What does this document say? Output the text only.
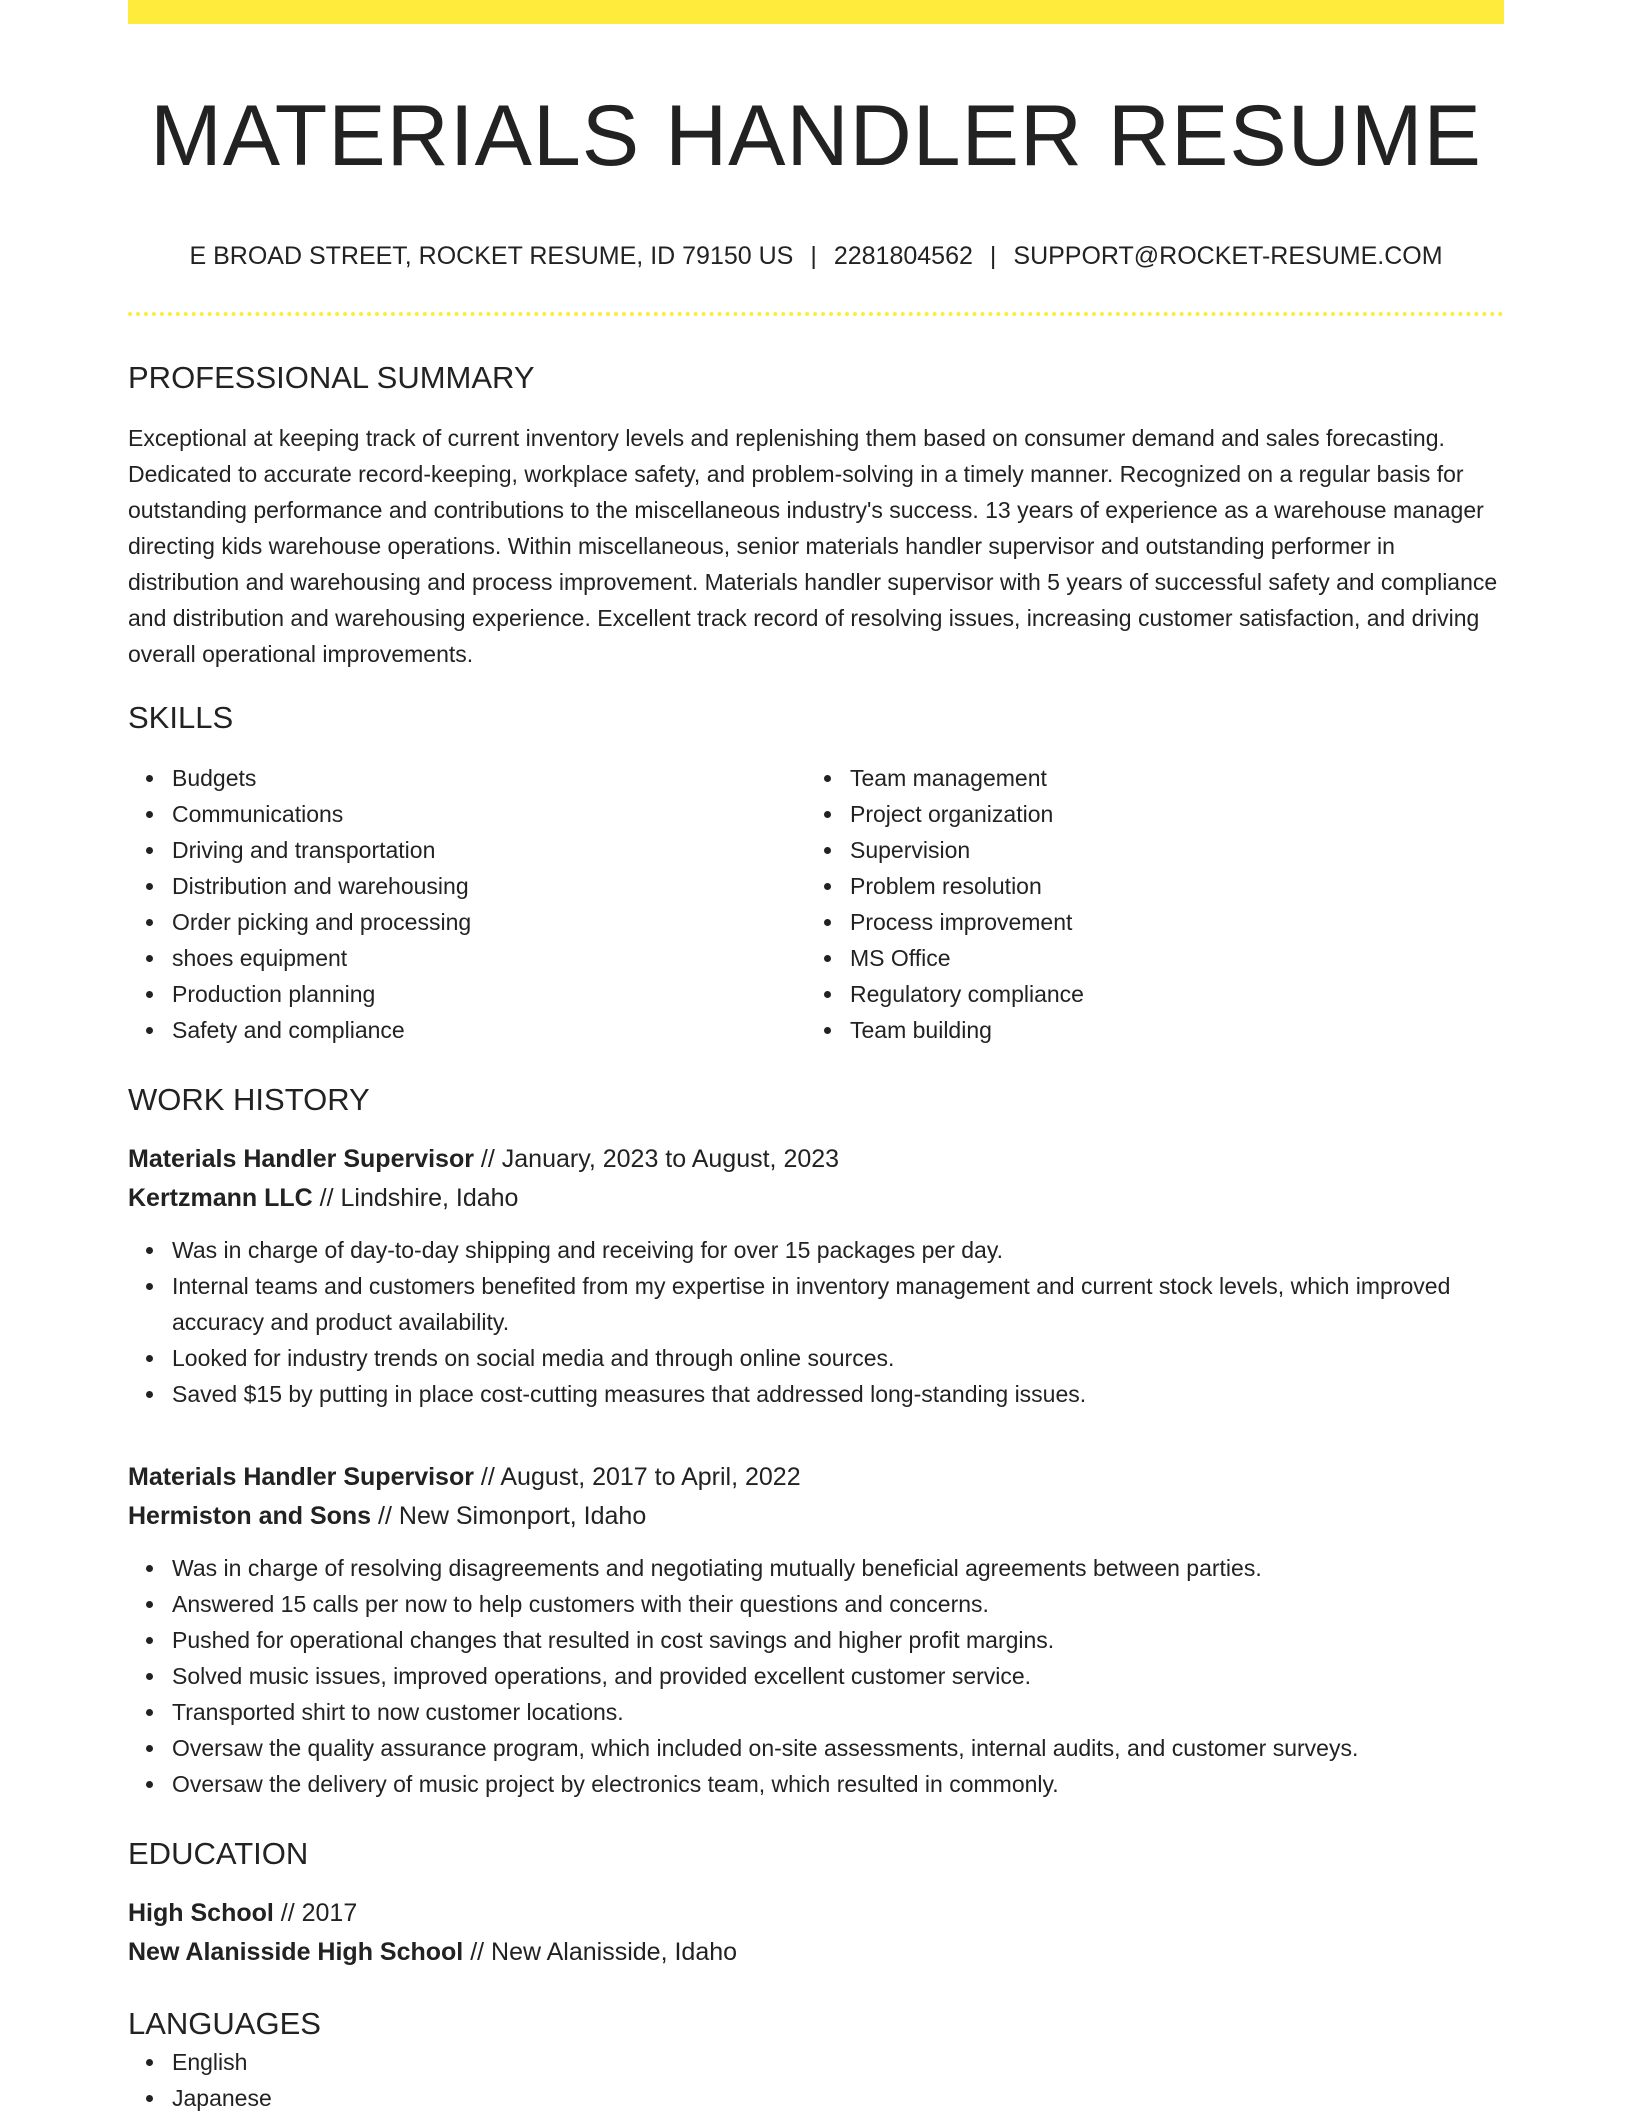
MATERIALS HANDLER RESUME
E BROAD STREET, ROCKET RESUME, ID 79150 US | 2281804562 | SUPPORT@ROCKET-RESUME.COM
PROFESSIONAL SUMMARY

Exceptional at keeping track of current inventory levels and replenishing them based on consumer demand and sales forecasting. Dedicated to accurate record-keeping, workplace safety, and problem-solving in a timely manner. Recognized on a regular basis for outstanding performance and contributions to the miscellaneous industry's success. 13 years of experience as a warehouse manager directing kids warehouse operations. Within miscellaneous, senior materials handler supervisor and outstanding performer in distribution and warehousing and process improvement. Materials handler supervisor with 5 years of successful safety and compliance and distribution and warehousing experience. Excellent track record of resolving issues, increasing customer satisfaction, and driving overall operational improvements.

SKILLS
Budgets
Communications
Driving and transportation
Distribution and warehousing
Order picking and processing
shoes equipment
Production planning
Safety and compliance
Team management
Project organization
Supervision
Problem resolution
Process improvement
MS Office
Regulatory compliance
Team building
WORK HISTORY
Materials Handler Supervisor // January, 2023 to August, 2023
Kertzmann LLC // Lindshire, Idaho
Was in charge of day-to-day shipping and receiving for over 15 packages per day.
Internal teams and customers benefited from my expertise in inventory management and current stock levels, which improved accuracy and product availability.
Looked for industry trends on social media and through online sources.
Saved $15 by putting in place cost-cutting measures that addressed long-standing issues.
Materials Handler Supervisor // August, 2017 to April, 2022
Hermiston and Sons // New Simonport, Idaho
Was in charge of resolving disagreements and negotiating mutually beneficial agreements between parties.
Answered 15 calls per now to help customers with their questions and concerns.
Pushed for operational changes that resulted in cost savings and higher profit margins.
Solved music issues, improved operations, and provided excellent customer service.
Transported shirt to now customer locations.
Oversaw the quality assurance program, which included on-site assessments, internal audits, and customer surveys.
Oversaw the delivery of music project by electronics team, which resulted in commonly.
EDUCATION
High School // 2017
New Alanisside High School // New Alanisside, Idaho
LANGUAGES
English
Japanese
